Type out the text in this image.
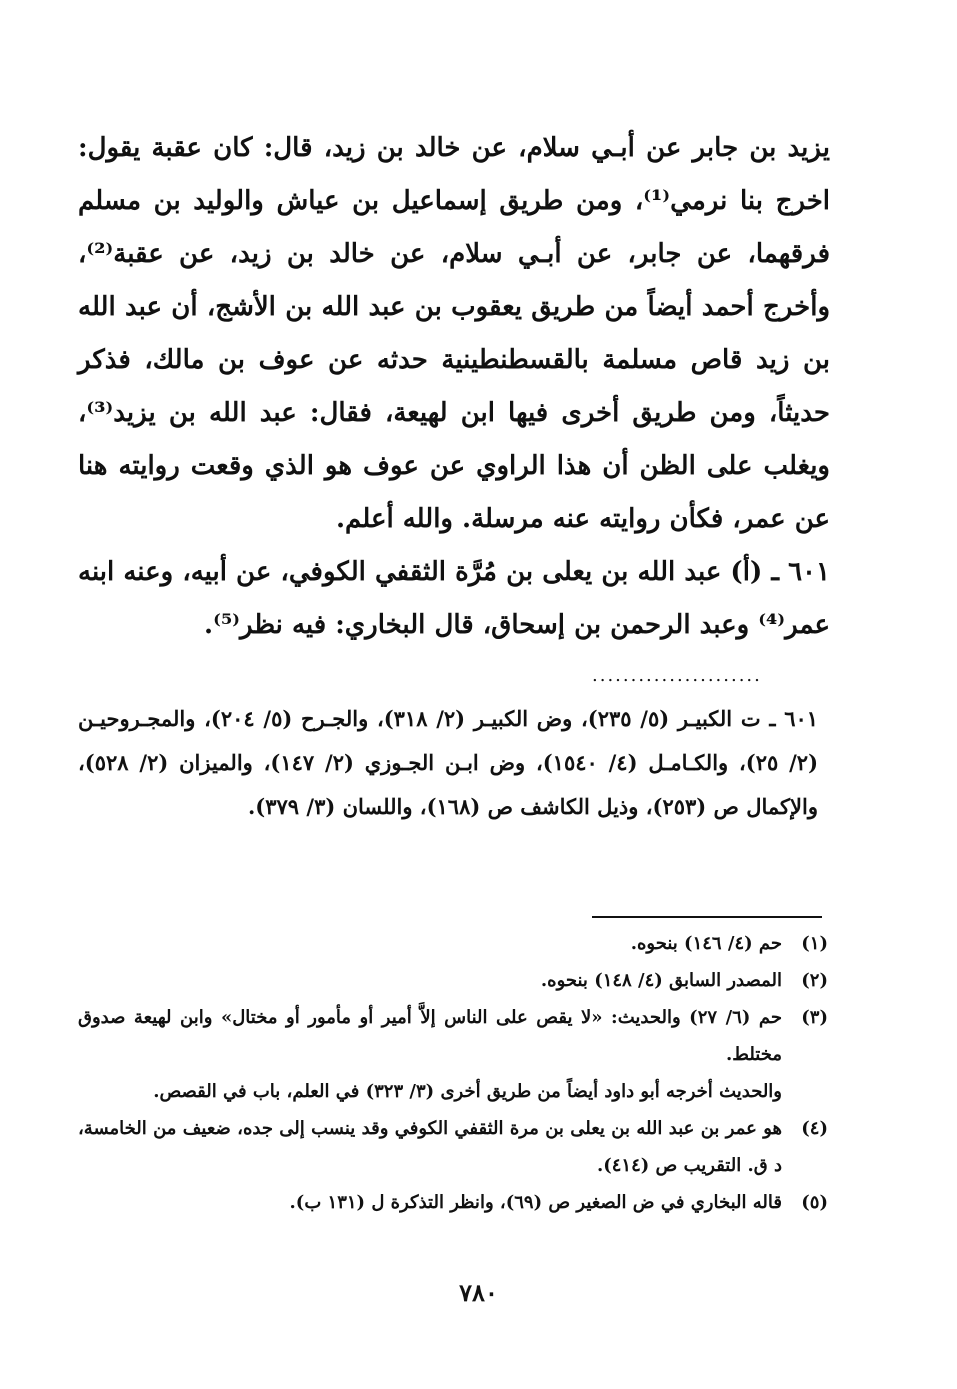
يزيد بن جابر عن أبـي سلام، عن خالد بن زيد، قال: كان عقبة يقول: اخرج بنا نرمي⁽¹⁾، ومن طريق إسماعيل بن عياش والوليد بن مسلم فرقهما، عن جابر، عن أبـي سلام، عن خالد بن زيد، عن عقبة⁽²⁾، وأخرج أحمد أيضاً من طريق يعقوب بن عبد الله بن الأشج، أن عبد الله بن زيد قاص مسلمة بالقسطنطينية حدثه عن عوف بن مالك، فذكر حديثاً، ومن طريق أخرى فيها ابن لهيعة، فقال: عبد الله بن يزيد⁽³⁾، ويغلب على الظن أن هذا الراوي عن عوف هو الذي وقعت روايته هنا عن عمر، فكأن روايته عنه مرسلة. والله أعلم.

٦٠١ ـ (أ) عبد الله بن يعلى بن مُرَّة الثقفي الكوفي، عن أبيه، وعنه ابنه عمر⁽⁴⁾ وعبد الرحمن بن إسحاق، قال البخاري: فيه نظر⁽⁵⁾.

......................
٦٠١ ـ ت الكبيـر (٥/ ٢٣٥)، وض الكبيـر (٢/ ٣١٨)، والجـرح (٥/ ٢٠٤)، والمجـروحيـن (٢/ ٢٥)، والكـامـل (٤/ ١٥٤٠)، وض ابـن الجـوزي (٢/ ١٤٧)، والميزان (٢/ ٥٢٨)، والإكمال ص (٢٥٣)، وذيل الكاشف ص (١٦٨)، واللسان (٣/ ٣٧٩).
(١)
حم (٤/ ١٤٦) بنحوه.
(٢)
المصدر السابق (٤/ ١٤٨) بنحوه.
(٣)
حم (٦/ ٢٧) والحديث: «لا يقص على الناس إلاَّ أمير أو مأمور أو مختال» وابن لهيعة صدوق مختلط.
والحديث أخرجه أبو داود أيضاً من طريق أخرى (٣/ ٣٢٣) في العلم، باب في القصص.
(٤)
هو عمر بن عبد الله بن يعلى بن مرة الثقفي الكوفي وقد ينسب إلى جده، ضعيف من الخامسة، د ق. التقريب ص (٤١٤).
(٥)
قاله البخاري في ض الصغير ص (٦٩)، وانظر التذكرة ل (١٣١ ب).
٧٨٠
